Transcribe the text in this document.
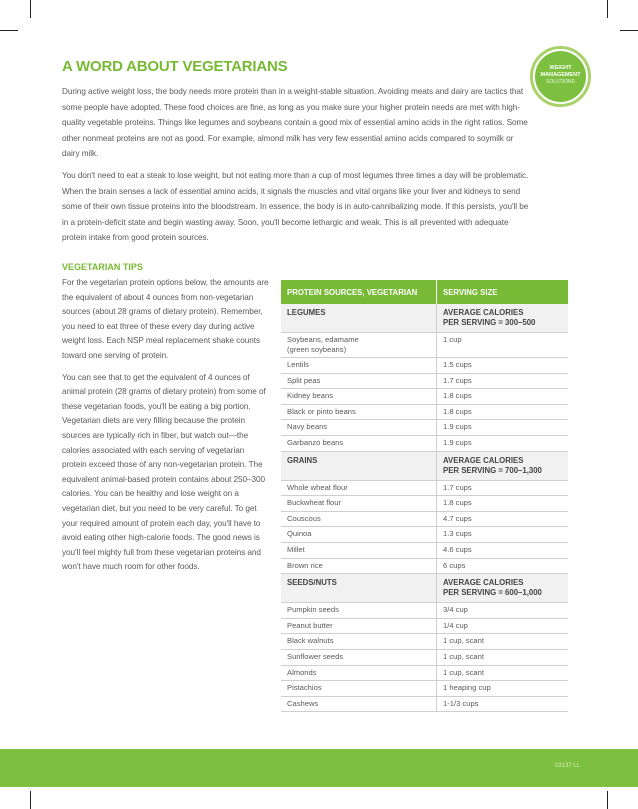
WEIGHT
MANAGEMENT
SOLUTIONS
A WORD ABOUT VEGETARIANS

During active weight loss, the body needs more protein than in a weight-stable situation. Avoiding meats and dairy are tactics that some people have adopted. These food choices are fine, as long as you make sure your higher protein needs are met with high-quality vegetable proteins. Things like legumes and soybeans contain a good mix of essential amino acids in the right ratios. Some other nonmeat proteins are not as good. For example, almond milk has very few essential amino acids compared to soymilk or dairy milk.

You don't need to eat a steak to lose weight, but not eating more than a cup of most legumes three times a day will be problematic. When the brain senses a lack of essential amino acids, it signals the muscles and vital organs like your liver and kidneys to send some of their own tissue proteins into the bloodstream. In essence, the body is in auto-cannibalizing mode. If this persists, you'll be in a protein-deficit state and begin wasting away. Soon, you'll become lethargic and weak. This is all prevented with adequate protein intake from good protein sources.

VEGETARIAN TIPS

For the vegetarian protein options below, the amounts are the equivalent of about 4 ounces from non-vegetarian sources (about 28 grams of dietary protein). Remember, you need to eat three of these every day during active weight loss. Each NSP meal replacement shake counts toward one serving of protein.

You can see that to get the equivalent of 4 ounces of animal protein (28 grams of dietary protein) from some of these vegetarian foods, you'll be eating a big portion. Vegetarian diets are very filling because the protein sources are typically rich in fiber, but watch out—the calories associated with each serving of vegetarian protein exceed those of any non-vegetarian protein. The equivalent animal-based protein contains about 250–300 calories. You can be healthy and lose weight on a vegetarian diet, but you need to be very careful. To get your required amount of protein each day, you'll have to avoid eating other high-calorie foods. The good news is you'll feel mighty full from these vegetarian proteins and won't have much room for other foods.

PROTEIN SOURCES, VEGETARIAN	SERVING SIZE
LEGUMES	AVERAGE CALORIES
PER SERVING = 300–500
Soybeans, edamame
(green soybeans)	1 cup
Lentils	1.5 cups
Split peas	1.7 cups
Kidney beans	1.8 cups
Black or pinto beans	1.8 cups
Navy beans	1.9 cups
Garbanzo beans	1.9 cups
GRAINS	AVERAGE CALORIES
PER SERVING = 700–1,300
Whole wheat flour	1.7 cups
Buckwheat flour	1.8 cups
Couscous	4.7 cups
Quinoa	1.3 cups
Millet	4.6 cups
Brown rice	6 cups
SEEDS/NUTS	AVERAGE CALORIES
PER SERVING = 600–1,000
Pumpkin seeds	3/4 cup
Peanut butter	1/4 cup
Black walnuts	1 cup, scant
Sunflower seeds	1 cup, scant
Almonds	1 cup, scant
Pistachios	1 heaping cup
Cashews	1-1/3 cups
03137 LL
